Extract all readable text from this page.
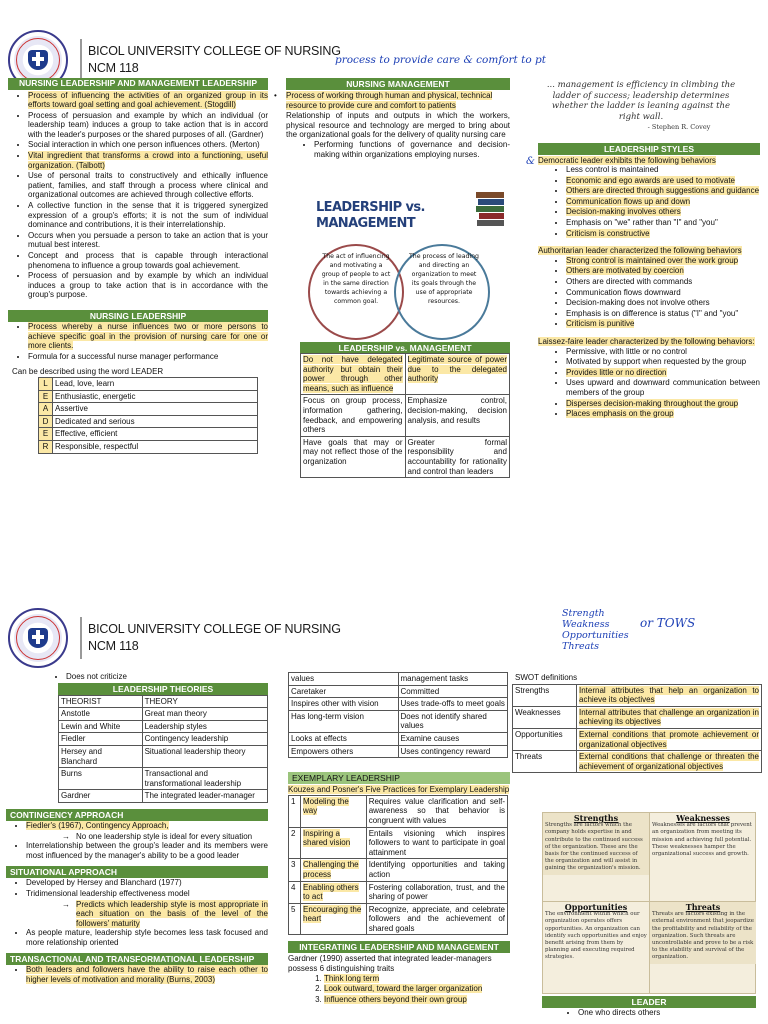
BICOL UNIVERSITY COLLEGE OF NURSING
NCM 118
process to provide care & comfort to pt
NURSING LEADERSHIP AND MANAGEMENT LEADERSHIP
• Process of influencing the activities of an organized group in its efforts toward goal setting and goal achievement. (Stogdill)
• Process of persuasion and example by which an individual (or leadership team) induces a group to take action that is in accord with the leader's purposes or the shared purposes of all. (Gardner)
• Social interaction in which one person influences others. (Merton)
• Vital ingredient that transforms a crowd into a functioning, useful organization. (Talbott)
• Use of personal traits to constructively and ethically influence patient, families, and staff through a process where clinical and organizational outcomes are achieved through collective efforts.
• A collective function in the sense that it is triggered synergized expression of a group's efforts; it is not the sum of individual dominance and contributions, it is their interrelationship.
• Occurs when you persuade a person to take an action that is your mutual best interest.
• Concept and process that is capable through interactional phenomena to influence a group towards goal achievement.
• Process of persuasion and by example by which an individual induces a group to take action that is in accordance with the group's purpose.
NURSING LEADERSHIP
• Process whereby a nurse influences two or more persons to achieve specific goal in the provision of nursing care for one or more clients.
• Formula for a successful nurse manager performance
Can be described using the word LEADER
L	Lead, love, learn
E	Enthusiastic, energetic
A	Assertive
D	Dedicated and serious
E	Effective, efficient
R	Responsible, respectful
NURSING MANAGEMENT
• Process of working through human and physical, technical resource to provide cure and comfort to patients
Relationship of inputs and outputs in which the workers, physical resource and technology are merged to bring about the organizational goals for the delivery of quality nursing care
• Performing functions of governance and decision-making within organizations employing nurses.
LEADERSHIP vs. MANAGEMENT
The act of influencing and motivating a group of people to act in the same direction towards achieving a common goal.
The process of leading and directing an organization to meet its goals through the use of appropriate resources.
LEADERSHIP vs. MANAGEMENT
Do not have delegated authority but obtain their power through other means, such as influence	Legitimate source of power due to the delegated authority
Focus on group process, information gathering, feedback, and empowering others	Emphasize control, decision-making, decision analysis, and results
Have goals that may or may not reflect those of the organization	Greater formal responsibility and accountability for rationality and control than leaders
... management is efficiency in climbing the ladder of success; leadership determines whether the ladder is leaning against the right wall.
- Stephen R. Covey
LEADERSHIP STYLES
& Democratic leader exhibits the following behaviors
• Less control is maintained
• Economic and ego awards are used to motivate
• Others are directed through suggestions and guidance
• Communication flows up and down
• Decision-making involves others
• Emphasis on "we" rather than "I" and "you"
• Criticism is constructive
Authoritarian leader characterized the following behaviors
• Strong control is maintained over the work group
• Others are motivated by coercion
• Others are directed with commands
• Communication flows downward
• Decision-making does not involve others
• Emphasis is on difference is status ("I" and "you"
• Criticism is punitive
Laissez-faire leader characterized by the following behaviors:
• Permissive, with little or no control
• Motivated by support when requested by the group
• Provides little or no direction
• Uses upward and downward communication between members of the group
• Disperses decision-making throughout the group
• Places emphasis on the group
BICOL UNIVERSITY COLLEGE OF NURSING
NCM 118
Strength
Weakness
Opportunities
Threats
or TOWS
• Does not criticize
LEADERSHIP THEORIES
THEORIST	THEORY
Anstotle	Great man theory
Lewin and White	Leadership styles
Fiedler	Contingency leadership
Hersey and Blanchard	Situational leadership theory
Burns	Transactional and transformational leadership
Gardner	The integrated leader-manager
CONTINGENCY APPROACH
• Fiedler's (1967), Contingency Approach,
→ No one leadership style is ideal for every situation
• Interrelationship between the group's leader and its members were most influenced by the manager's ability to be a good leader
SITUATIONAL APPROACH
• Developed by Hersey and Blanchard (1977)
• Tridimensional leadership effectiveness model
→ Predicts which leadership style is most appropriate in each situation on the basis of the level of the followers' maturity
• As people mature, leadership style becomes less task focused and more relationship oriented
TRANSACTIONAL AND TRANSFORMATIONAL LEADERSHIP
• Both leaders and followers have the ability to raise each other to higher levels of motivation and morality (Burns, 2003)
values	management tasks
Caretaker	Committed
Inspires other with vision	Uses trade-offs to meet goals
Has long-term vision	Does not identify shared values
Looks at effects	Examine causes
Empowers others	Uses contingency reward
EXEMPLARY LEADERSHIP
Kouzes and Posner's Five Practices for Exemplary Leadership
1	Modeling the way	Requires value clarification and self-awareness so that behavior is congruent with values
2	Inspiring a shared vision	Entails visioning which inspires followers to want to participate in goal attainment
3	Challenging the process	Identifying opportunities and taking action
4	Enabling others to act	Fostering collaboration, trust, and the sharing of power
5	Encouraging the heart	Recognize, appreciate, and celebrate followers and the achievement of shared goals
INTEGRATING LEADERSHIP AND MANAGEMENT
Gardner (1990) asserted that integrated leader-managers possess 6 distinguishing traits
1. Think long term
2. Look outward, toward the larger organization
3. Influence others beyond their own group
SWOT definitions
Strengths	Internal attributes that help an organization to achieve its objectives
Weaknesses	Internal attributes that challenge an organization in achieving its objectives
Opportunities	External conditions that promote achievement or organizational objectives
Threats	External conditions that challenge or threaten the achievement of organizational objectives
Strengths
Strengths are factors which the company holds expertise in and contribute to the continued success of the organization. These are the basis for the continued success of the organization and will assist in gaining the organization's mission.
Weaknesses
Weaknesses are factors that prevent an organization from meeting its mission and achieving full potential. These weaknesses hamper the organizational success and growth.
Opportunities
The environment within which our organization operates offers opportunities. An organization can identify such opportunities and enjoy benefit arising from them by planning and executing required strategies.
Threats
Threats are factors existing in the external environment that jeopardize the profitability and reliability of the organization. Such threats are uncontrollable and prove to be a risk to the stability and survival of the organization.
LEADER
• One who directs others
